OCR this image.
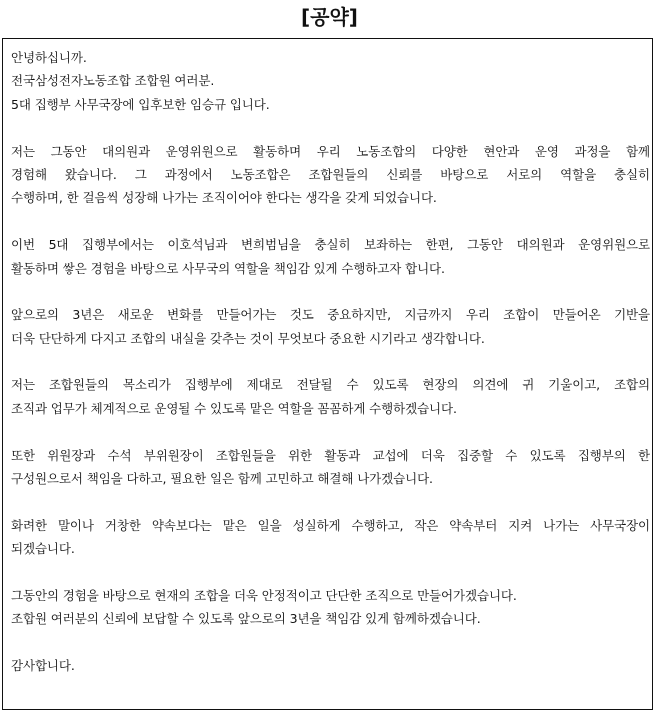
[공약]
안녕하십니까.
전국삼성전자노동조합 조합원 여러분.
5대 집행부 사무국장에 입후보한 임승규 입니다.
저는 그동안 대의원과 운영위원으로 활동하며 우리 노동조합의 다양한 현안과 운영 과정을 함께
경험해 왔습니다. 그 과정에서 노동조합은 조합원들의 신뢰를 바탕으로 서로의 역할을 충실히
수행하며, 한 걸음씩 성장해 나가는 조직이어야 한다는 생각을 갖게 되었습니다.
이번 5대 집행부에서는 이호석님과 변희범님을 충실히 보좌하는 한편, 그동안 대의원과 운영위원으로
활동하며 쌓은 경험을 바탕으로 사무국의 역할을 책임감 있게 수행하고자 합니다.
앞으로의 3년은 새로운 변화를 만들어가는 것도 중요하지만, 지금까지 우리 조합이 만들어온 기반을
더욱 단단하게 다지고 조합의 내실을 갖추는 것이 무엇보다 중요한 시기라고 생각합니다.
저는 조합원들의 목소리가 집행부에 제대로 전달될 수 있도록 현장의 의견에 귀 기울이고, 조합의
조직과 업무가 체계적으로 운영될 수 있도록 맡은 역할을 꼼꼼하게 수행하겠습니다.
또한 위원장과 수석 부위원장이 조합원들을 위한 활동과 교섭에 더욱 집중할 수 있도록 집행부의 한
구성원으로서 책임을 다하고, 필요한 일은 함께 고민하고 해결해 나가겠습니다.
화려한 말이나 거창한 약속보다는 맡은 일을 성실하게 수행하고, 작은 약속부터 지켜 나가는 사무국장이
되겠습니다.
그동안의 경험을 바탕으로 현재의 조합을 더욱 안정적이고 단단한 조직으로 만들어가겠습니다.
조합원 여러분의 신뢰에 보답할 수 있도록 앞으로의 3년을 책임감 있게 함께하겠습니다.
감사합니다.
